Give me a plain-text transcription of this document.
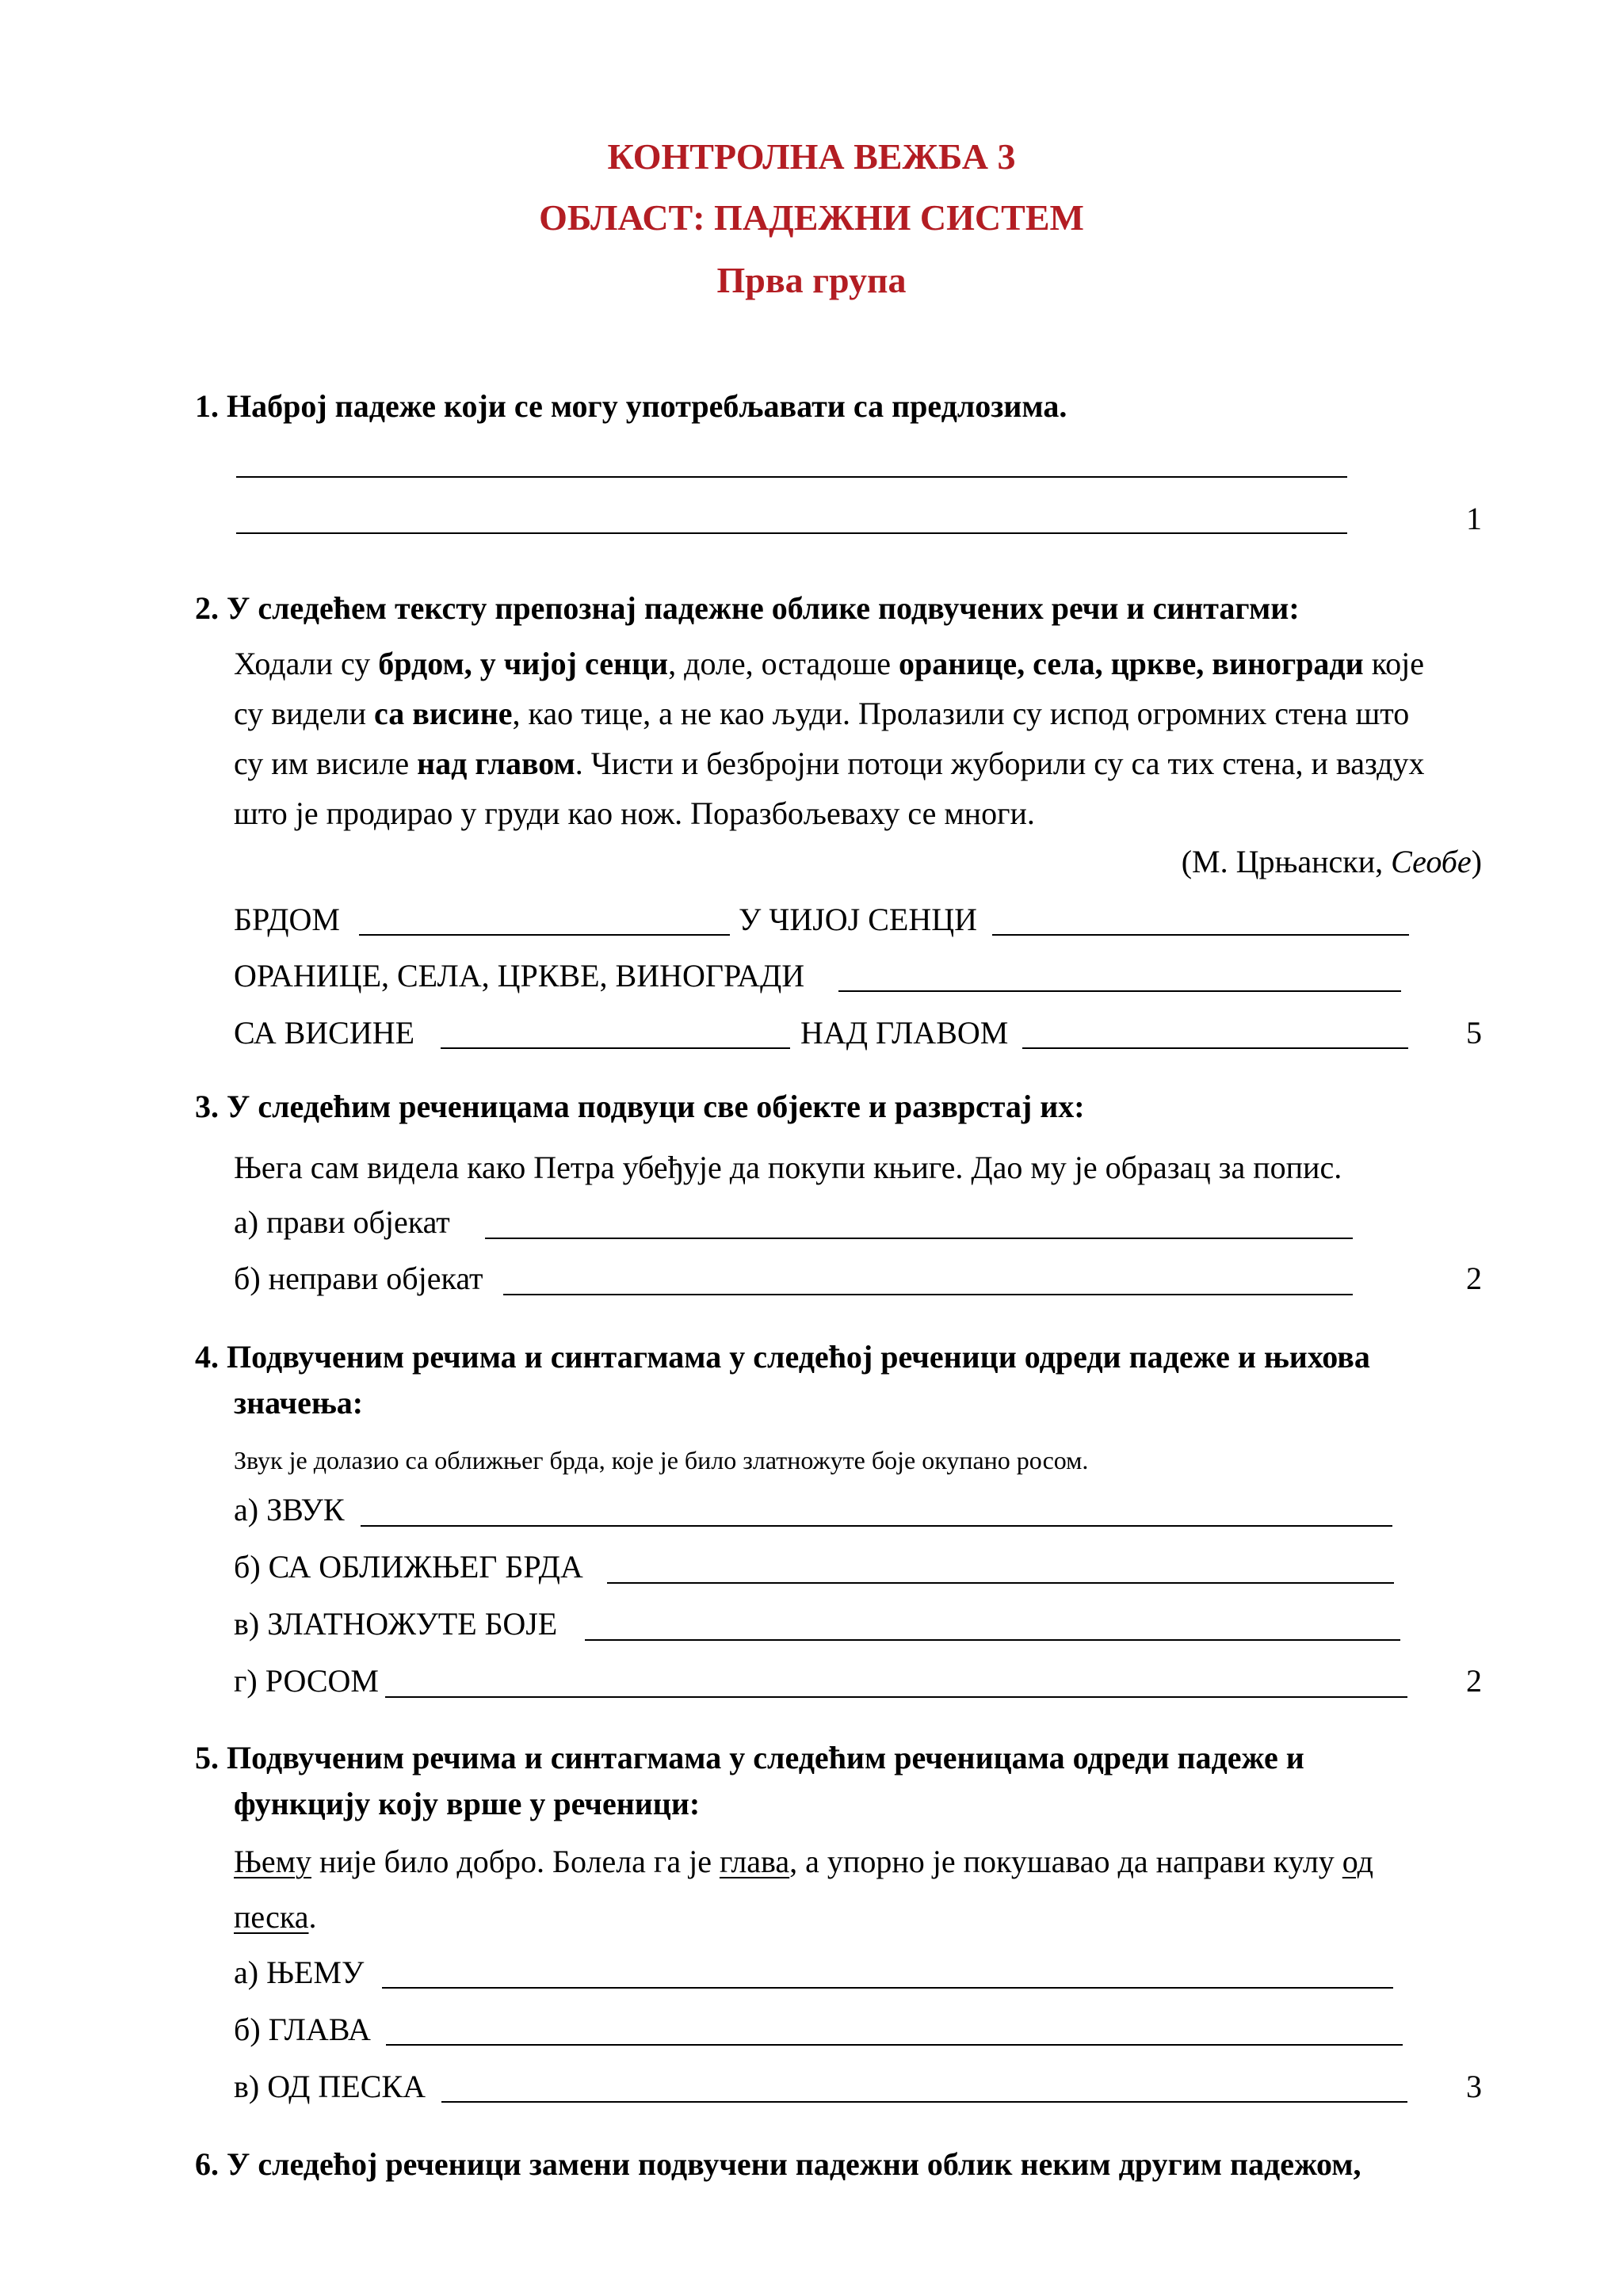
КОНТРОЛНА ВЕЖБА 3
ОБЛАСТ: ПАДЕЖНИ СИСТЕМ
Прва група
1. Наброј падеже који се могу употребљавати са предлозима.
1
2. У следећем тексту препознај падежне облике подвучених речи и синтагми:
Ходали су брдом, у чијој сенци, доле, остадоше оранице, села, цркве, виногради које
су видели са висине, као тице, а не као људи. Пролазили су испод огромних стена што
су им висиле над главом. Чисти и безбројни потоци жуборили су са тих стена, и ваздух
што је продирао у груди као нож. Поразбољеваху се многи.
(М. Црњански, Сеобе)
БРДОМ	У ЧИЈОЈ СЕНЦИ
ОРАНИЦЕ, СЕЛА, ЦРКВЕ, ВИНОГРАДИ
СА ВИСИНЕ	НАД ГЛАВОМ	5
3. У следећим реченицама подвуци све објекте и разврстај их:
Њега сам видела како Петра убеђује да покупи књиге. Дао му је образац за попис.
а) прави објекат
б) неправи објекат	2
4. Подвученим речима и синтагмама у следећој реченици одреди падеже и њихова
значења:
Звук је долазио са оближњег брда, које је било златножуте боје окупано росом.
а) ЗВУК
б) СА ОБЛИЖЊЕГ БРДА
в) ЗЛАТНОЖУТЕ БОЈЕ
г) РОСОМ	2
5. Подвученим речима и синтагмама у следећим реченицама одреди падеже и
функцију коју врше у реченици:
Њему није било добро. Болела га је глава, а упорно је покушавао да направи кулу од
песка.
а) ЊЕМУ
б) ГЛАВА
в) ОД ПЕСКА	3
6. У следећој реченици замени подвучени падежни облик неким другим падежом,
